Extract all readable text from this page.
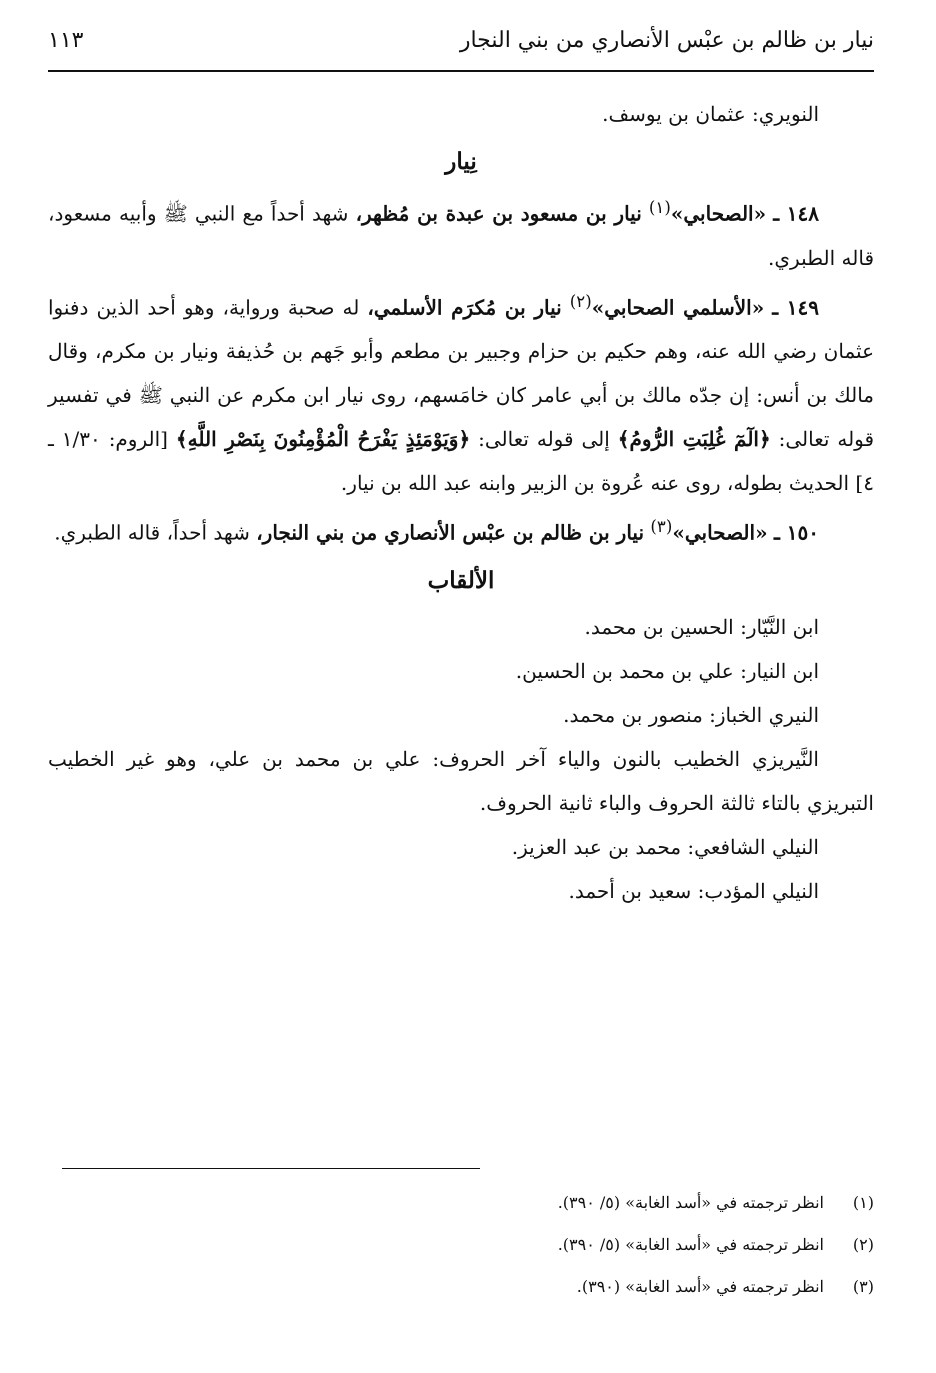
نيار بن ظالم بن عبْس الأنصاري من بني النجار
١١٣

النويري: عثمان بن يوسف.

نِيار

١٤٨ ـ «الصحابي»$^{(١)}$ نيار بن مسعود بن عبدة بن مُظهر، شهد أحداً مع النبي ﷺ وأبيه مسعود، قاله الطبري.

١٤٩ ـ «الأسلمي الصحابي»$^{(٢)}$ نيار بن مُكرَم الأسلمي، له صحبة ورواية، وهو أحد الذين دفنوا عثمان رضي الله عنه، وهم حكيم بن حزام وجبير بن مطعم وأبو جَهم بن حُذيفة ونيار بن مكرم، وقال مالك بن أنس: إن جدّه مالك بن أبي عامر كان خامَسهم، روى نيار ابن مكرم عن النبي ﷺ في تفسير قوله تعالى: ﴿الٓمٓ غُلِبَتِ الرُّومُ﴾ إلى قوله تعالى: ﴿وَيَوْمَئِذٍ يَفْرَحُ الْمُؤْمِنُونَ بِنَصْرِ اللَّهِ﴾ [الروم: ١/٣٠ ـ ٤] الحديث بطوله، روى عنه عُروة بن الزبير وابنه عبد الله بن نيار.

١٥٠ ـ «الصحابي»$^{(٣)}$ نيار بن ظالم بن عبْس الأنصاري من بني النجار، شهد أحداً، قاله الطبري.

الألقاب

ابن النَّيّار: الحسين بن محمد.

ابن النيار: علي بن محمد بن الحسين.

النيري الخباز: منصور بن محمد.

النَّيريزي الخطيب بالنون والياء آخر الحروف: علي بن محمد بن علي، وهو غير الخطيب التبريزي بالتاء ثالثة الحروف والباء ثانية الحروف.

النيلي الشافعي: محمد بن عبد العزيز.

النيلي المؤدب: سعيد بن أحمد.

(١)انظر ترجمته في «أسد الغابة» (٥/ ٣٩٠).

(٢)انظر ترجمته في «أسد الغابة» (٥/ ٣٩٠).

(٣)انظر ترجمته في «أسد الغابة» (٣٩٠).
